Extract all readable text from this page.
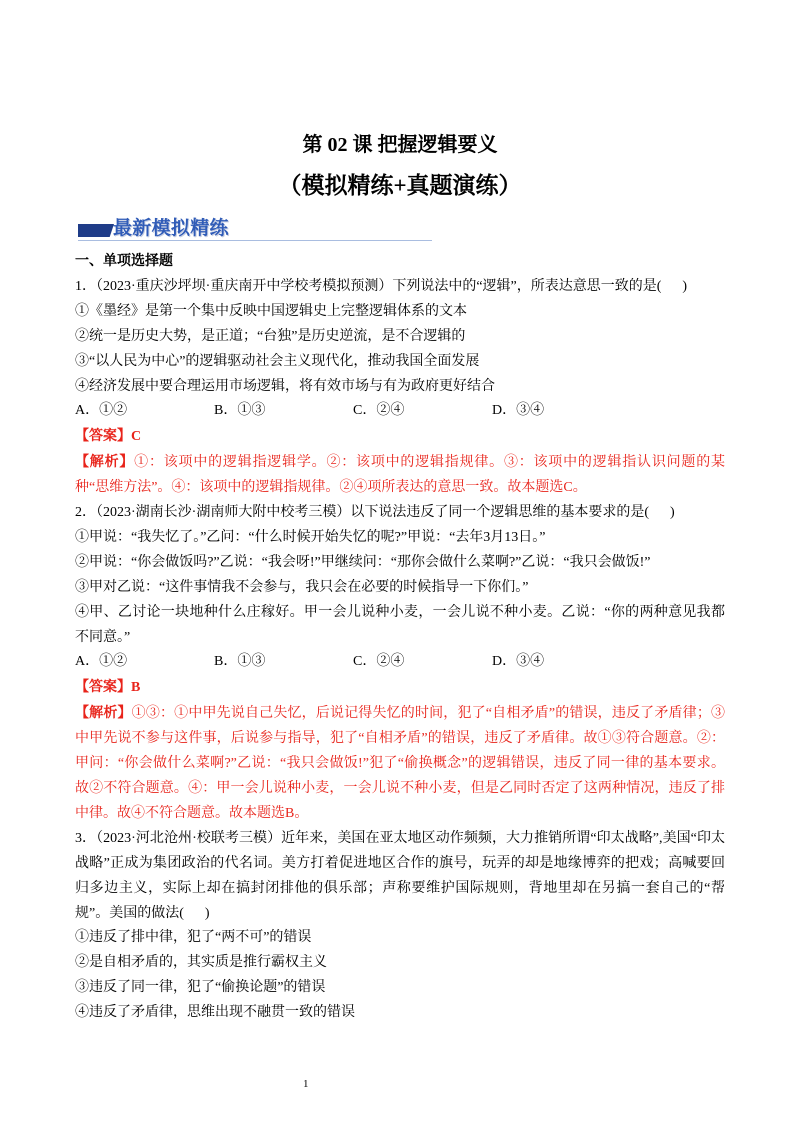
第 02 课 把握逻辑要义
（模拟精练+真题演练）
最新模拟精练

一、单项选择题

1．（2023·重庆沙坪坝·重庆南开中学校考模拟预测）下列说法中的“逻辑”，所表达意思一致的是(      )

①《墨经》是第一个集中反映中国逻辑史上完整逻辑体系的文本

②统一是历史大势，是正道；“台独”是历史逆流，是不合逻辑的

③“以人民为中心”的逻辑驱动社会主义现代化，推动我国全面发展

④经济发展中要合理运用市场逻辑，将有效市场与有为政府更好结合

A．①②	B．①③	C．②④	D．③④

【答案】C

【解析】①：该项中的逻辑指逻辑学。②：该项中的逻辑指规律。③：该项中的逻辑指认识问题的某种“思维方法”。④：该项中的逻辑指规律。②④项所表达的意思一致。故本题选C。

2．（2023·湖南长沙·湖南师大附中校考三模）以下说法违反了同一个逻辑思维的基本要求的是(      )

①甲说：“我失忆了。”乙问：“什么时候开始失忆的呢?”甲说：“去年3月13日。”

②甲说：“你会做饭吗?”乙说：“我会呀!”甲继续问：“那你会做什么菜啊?”乙说：“我只会做饭!”

③甲对乙说：“这件事情我不会参与，我只会在必要的时候指导一下你们。”

④甲、乙讨论一块地种什么庄稼好。甲一会儿说种小麦，一会儿说不种小麦。乙说：“你的两种意见我都不同意。”

A．①②	B．①③	C．②④	D．③④

【答案】B

【解析】①③：①中甲先说自己失忆，后说记得失忆的时间，犯了“自相矛盾”的错误，违反了矛盾律；③中甲先说不参与这件事，后说参与指导，犯了“自相矛盾”的错误，违反了矛盾律。故①③符合题意。②：甲问：“你会做什么菜啊?”乙说：“我只会做饭!”犯了“偷换概念”的逻辑错误，违反了同一律的基本要求。故②不符合题意。④：甲一会儿说种小麦，一会儿说不种小麦，但是乙同时否定了这两种情况，违反了排中律。故④不符合题意。故本题选B。

3．（2023·河北沧州·校联考三模）近年来，美国在亚太地区动作频频，大力推销所谓“印太战略”,美国“印太战略”正成为集团政治的代名词。美方打着促进地区合作的旗号，玩弄的却是地缘博弈的把戏；高喊要回归多边主义，实际上却在搞封闭排他的俱乐部；声称要维护国际规则，背地里却在另搞一套自己的“帮规”。美国的做法(      )

①违反了排中律，犯了“两不可”的错误

②是自相矛盾的，其实质是推行霸权主义

③违反了同一律，犯了“偷换论题”的错误

④违反了矛盾律，思维出现不融贯一致的错误

1
